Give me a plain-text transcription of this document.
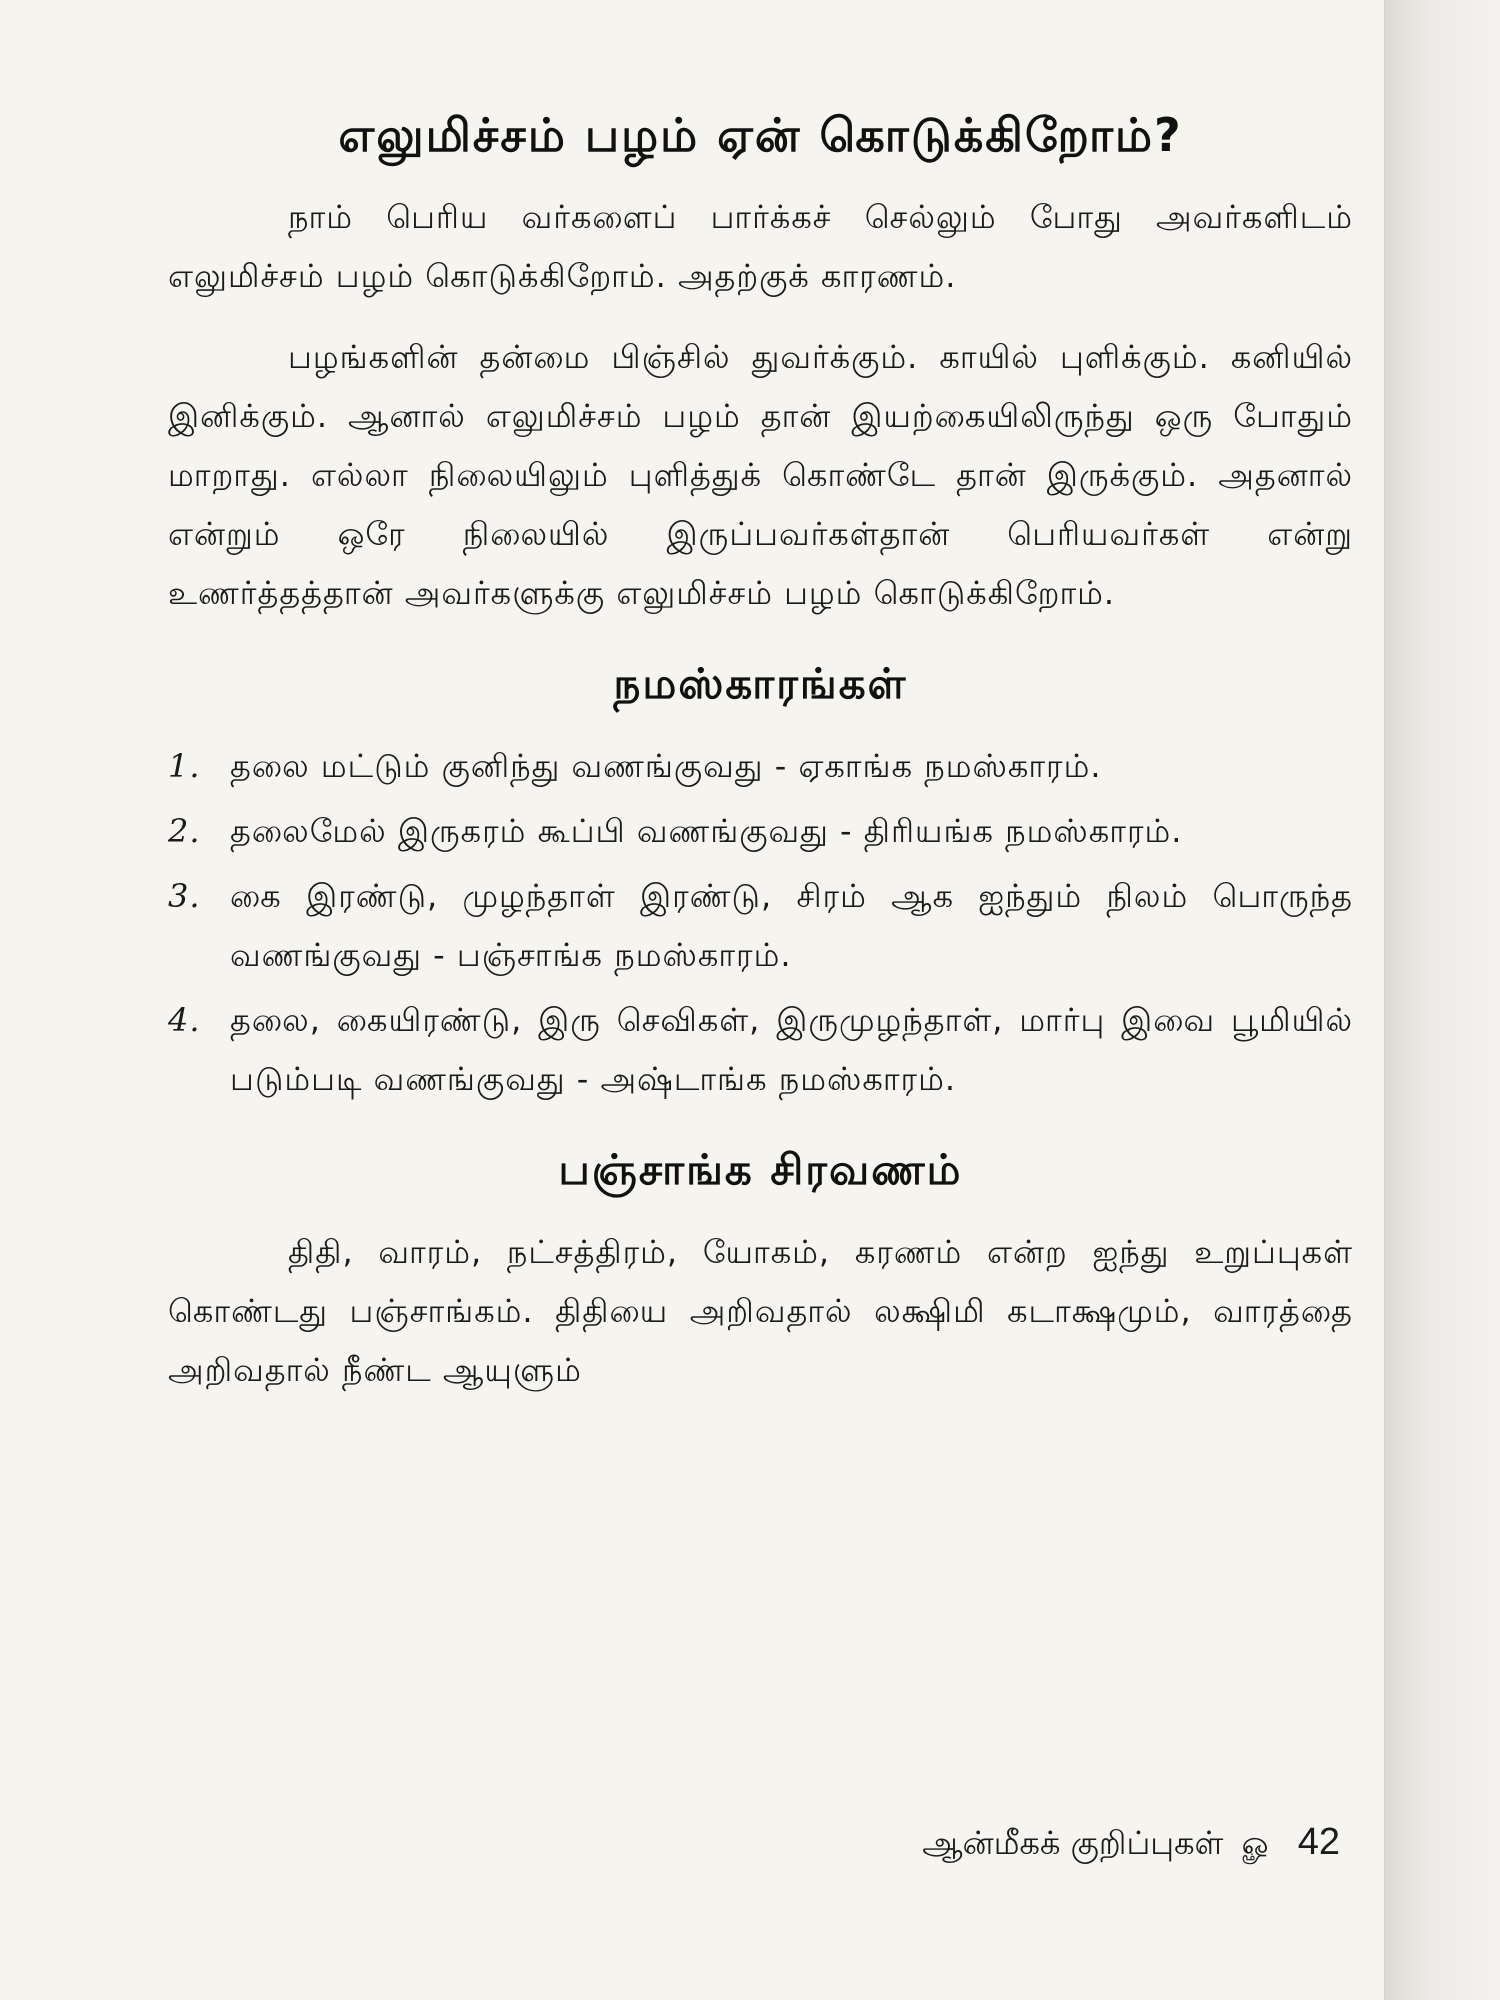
எலுமிச்சம் பழம் ஏன் கொடுக்கிறோம்?

நாம் பெரிய வர்களைப் பார்க்கச் செல்லும் போது அவர்களிடம் எலுமிச்சம் பழம் கொடுக்கிறோம். அதற்குக் காரணம்.

பழங்களின் தன்மை பிஞ்சில் துவர்க்கும். காயில் புளிக்கும். கனியில் இனிக்கும். ஆனால் எலுமிச்சம் பழம் தான் இயற்கையிலிருந்து ஒரு போதும் மாறாது. எல்லா நிலையிலும் புளித்துக் கொண்டே தான் இருக்கும். அதனால் என்றும் ஒரே நிலையில் இருப்பவர்கள்தான் பெரியவர்கள் என்று உணர்த்தத்தான் அவர்களுக்கு எலுமிச்சம் பழம் கொடுக்கிறோம்.

நமஸ்காரங்கள்
1. தலை மட்டும் குனிந்து வணங்குவது - ஏகாங்க நமஸ்காரம்.
2. தலைமேல் இருகரம் கூப்பி வணங்குவது - திரியங்க நமஸ்காரம்.
3. கை இரண்டு, முழந்தாள் இரண்டு, சிரம் ஆக ஐந்தும் நிலம் பொருந்த வணங்குவது - பஞ்சாங்க நமஸ்காரம்.
4. தலை, கையிரண்டு, இரு செவிகள், இருமுழந்தாள், மார்பு இவை பூமியில் படும்படி வணங்குவது - அஷ்டாங்க நமஸ்காரம்.
பஞ்சாங்க சிரவணம்

திதி, வாரம், நட்சத்திரம், யோகம், கரணம் என்ற ஐந்து உறுப்புகள் கொண்டது பஞ்சாங்கம். திதியை அறிவதால் லக்ஷிமி கடாக்ஷமும், வாரத்தை அறிவதால் நீண்ட ஆயுளும்

ஆன்மீகக் குறிப்புகள் ௐ 42
